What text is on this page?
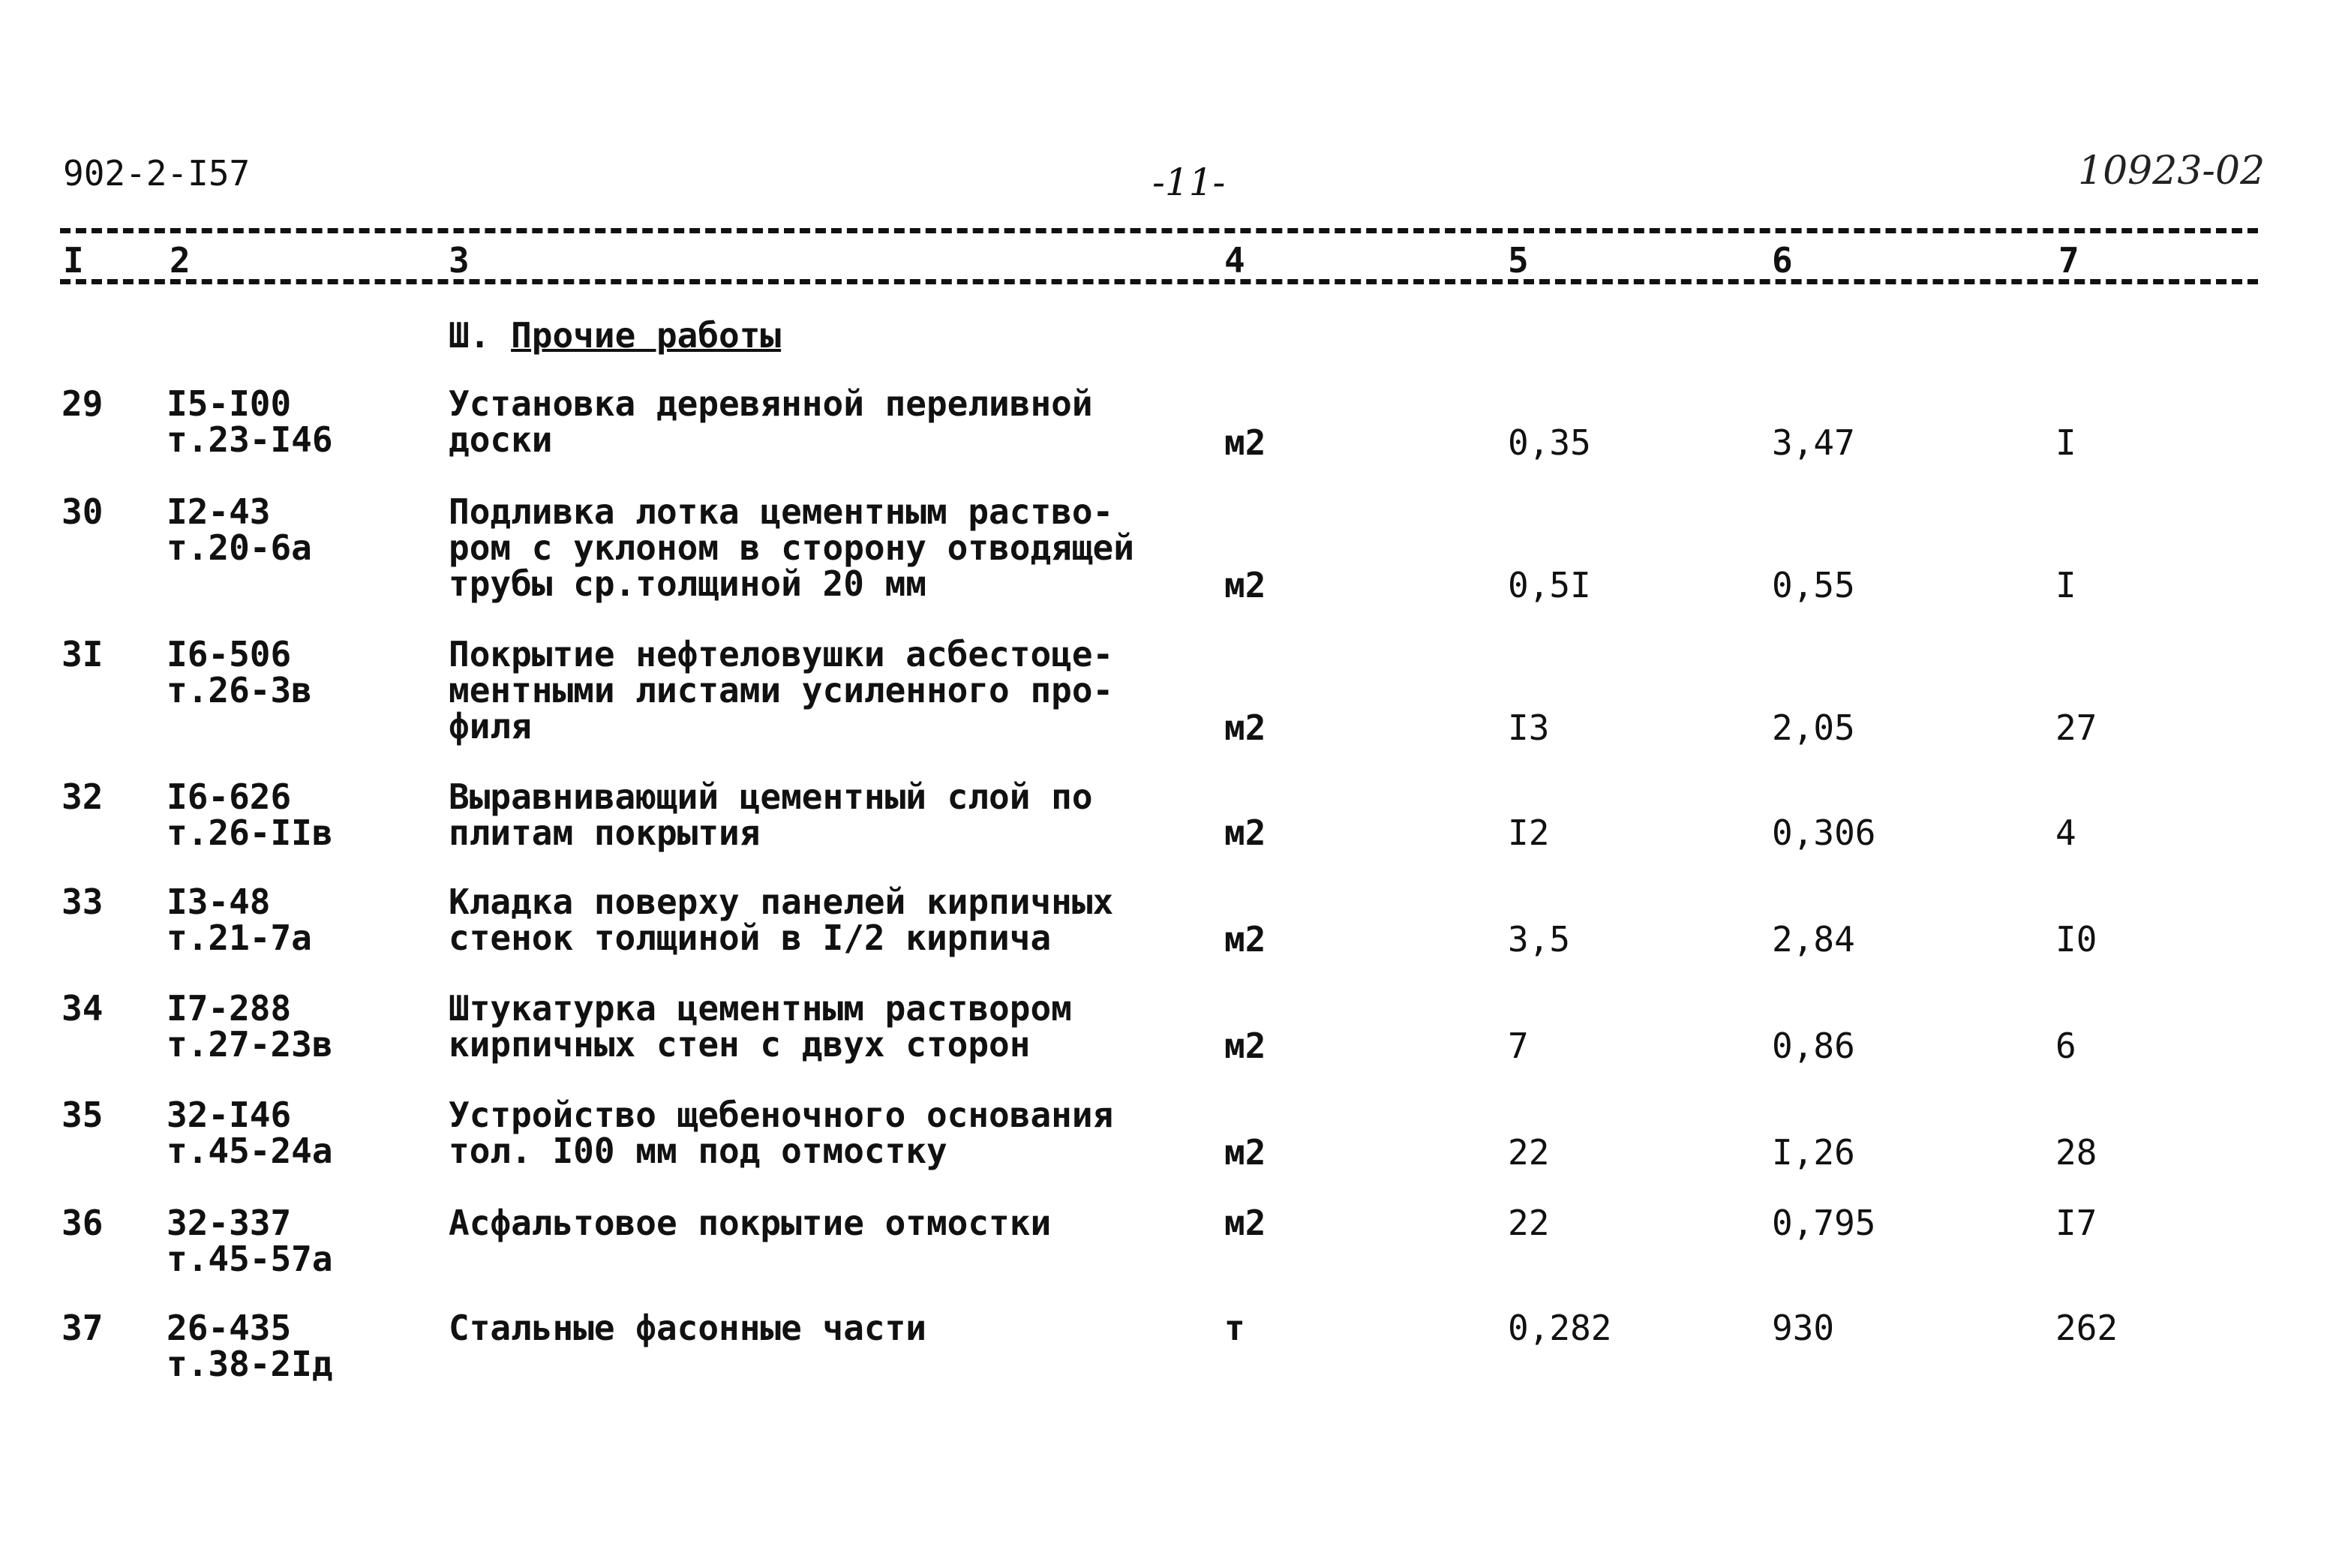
902-2-I57	-11-	10923-02
I 2	3	4	5	6	7
Ш. Прочие работы
29 I5-I00
т.23-I46
Установка деревянной переливной
доски	м2	0,35	3,47	I
30 I2-43
т.20-6а
Подливка лотка цементным раство-
ром с уклоном в сторону отводящей
трубы ср.толщиной 20 мм	м2	0,5I	0,55	I
3I I6-506
т.26-3в
Покрытие нефтеловушки асбестоце-
ментными листами усиленного про-
филя	м2	I3	2,05	27
32 I6-626
т.26-IIв
Выравнивающий цементный слой по
плитам покрытия	м2	I2	0,306	4
33 I3-48
т.21-7а
Кладка поверху панелей кирпичных
стенок толщиной в I/2 кирпича	м2	3,5	2,84	I0
34 I7-288
т.27-23в
Штукатурка цементным раствором
кирпичных стен с двух сторон	м2	7	0,86	6
35 32-I46
т.45-24а
Устройство щебеночного основания
тол. I00 мм под отмостку	м2	22	I,26	28
36 32-337
т.45-57а
Асфальтовое покрытие отмостки	м2	22	0,795	I7
37 26-435
т.38-2Iд
Стальные фасонные части	т	0,282	930	262
